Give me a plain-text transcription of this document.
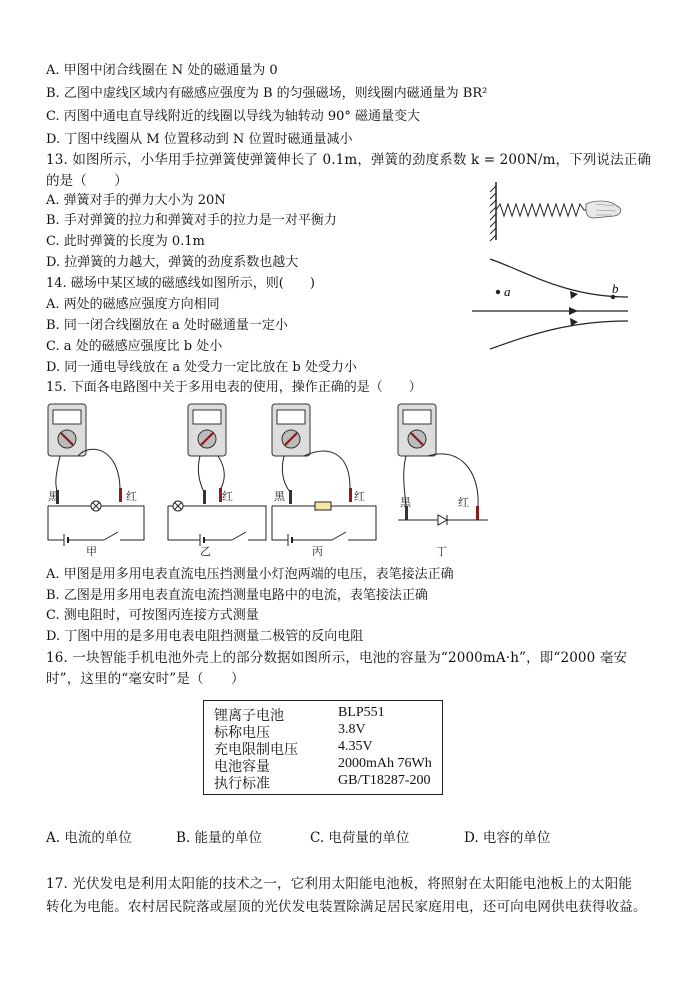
A. 甲图中闭合线圈在 N 处的磁通量为 0
B. 乙图中虚线区域内有磁感应强度为 B 的匀强磁场，则线圈内磁通量为 BR²
C. 丙图中通电直导线附近的线圈以导线为轴转动 90° 磁通量变大
D. 丁图中线圈从 M 位置移动到 N 位置时磁通量减小
13. 如图所示，小华用手拉弹簧使弹簧伸长了 0.1m，弹簧的劲度系数 k = 200N/m，下列说法正确
的是（　　）
A. 弹簧对手的弹力大小为 20N
B. 手对弹簧的拉力和弹簧对手的拉力是一对平衡力
C. 此时弹簧的长度为 0.1m
D. 拉弹簧的力越大，弹簧的劲度系数也越大
14. 磁场中某区域的磁感线如图所示，则(　　)
A. 两处的磁感应强度方向相同
B. 同一闭合线圈放在 a 处时磁通量一定小
C. a 处的磁感应强度比 b 处小
D. 同一通电导线放在 a 处受力一定比放在 b 处受力小
a	b
15. 下面各电路图中关于多用电表的使用，操作正确的是（　　）
黑	红
甲
红
乙
黑	红
丙
黑	红
丁
A. 甲图是用多用电表直流电压挡测量小灯泡两端的电压，表笔接法正确
B. 乙图是用多用电表直流电流挡测量电路中的电流，表笔接法正确
C. 测电阻时，可按图丙连接方式测量
D. 丁图中用的是多用电表电阻挡测量二极管的反向电阻
16. 一块智能手机电池外壳上的部分数据如图所示，电池的容量为“2000mA·h”，即“2000 毫安
时”，这里的“毫安时”是（　　）
锂离子电池	BLP551
标称电压	3.8V
充电限制电压	4.35V
电池容量	2000mAh 76Wh
执行标准	GB/T18287-200
A. 电流的单位	B. 能量的单位	C. 电荷量的单位	D. 电容的单位
17. 光伏发电是利用太阳能的技术之一，它利用太阳能电池板，将照射在太阳能电池板上的太阳能
转化为电能。农村居民院落或屋顶的光伏发电装置除满足居民家庭用电，还可向电网供电获得收益。
